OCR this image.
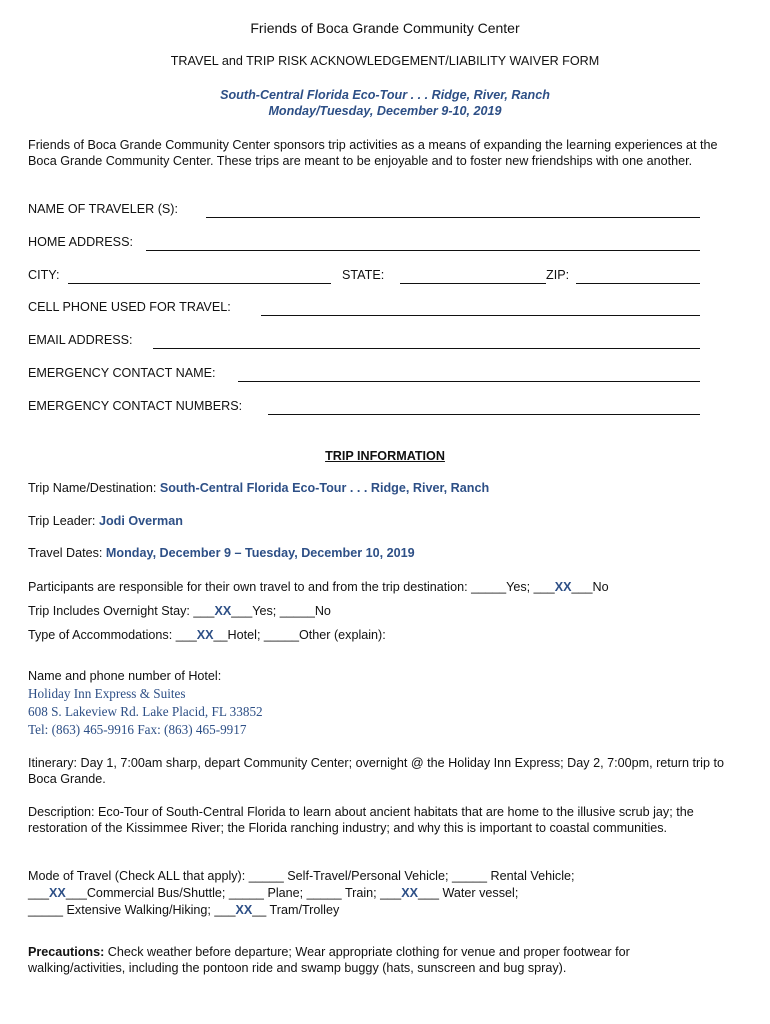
Friends of Boca Grande Community Center
TRAVEL and TRIP RISK ACKNOWLEDGEMENT/LIABILITY WAIVER FORM
South-Central Florida Eco-Tour . . . Ridge, River, Ranch
Monday/Tuesday, December 9-10, 2019
Friends of Boca Grande Community Center sponsors trip activities as a means of expanding the learning experiences at the Boca Grande Community Center. These trips are meant to be enjoyable and to foster new friendships with one another.
NAME OF TRAVELER (S):
HOME ADDRESS:
CITY:	STATE:	ZIP:
CELL PHONE USED FOR TRAVEL:
EMAIL ADDRESS:
EMERGENCY CONTACT NAME:
EMERGENCY CONTACT NUMBERS:
TRIP INFORMATION
Trip Name/Destination: South-Central Florida Eco-Tour . . . Ridge, River, Ranch
Trip Leader: Jodi Overman
Travel Dates: Monday, December 9 – Tuesday, December 10, 2019
Participants are responsible for their own travel to and from the trip destination: _____Yes; ___XX___No
Trip Includes Overnight Stay: ___XX___Yes; _____No
Type of Accommodations: ___XX__Hotel; _____Other (explain):
Name and phone number of Hotel:
Holiday Inn Express & Suites
608 S. Lakeview Rd. Lake Placid, FL 33852
Tel: (863) 465-9916 Fax: (863) 465-9917
Itinerary: Day 1, 7:00am sharp, depart Community Center; overnight @ the Holiday Inn Express; Day 2, 7:00pm, return trip to Boca Grande.
Description: Eco-Tour of South-Central Florida to learn about ancient habitats that are home to the illusive scrub jay; the restoration of the Kissimmee River; the Florida ranching industry; and why this is important to coastal communities.
Mode of Travel (Check ALL that apply): _____ Self-Travel/Personal Vehicle; _____ Rental Vehicle;
___XX___Commercial Bus/Shuttle; _____ Plane; _____ Train; ___XX___ Water vessel;
_____ Extensive Walking/Hiking; ___XX__ Tram/Trolley
Precautions: Check weather before departure; Wear appropriate clothing for venue and proper footwear for walking/activities, including the pontoon ride and swamp buggy (hats, sunscreen and bug spray).
